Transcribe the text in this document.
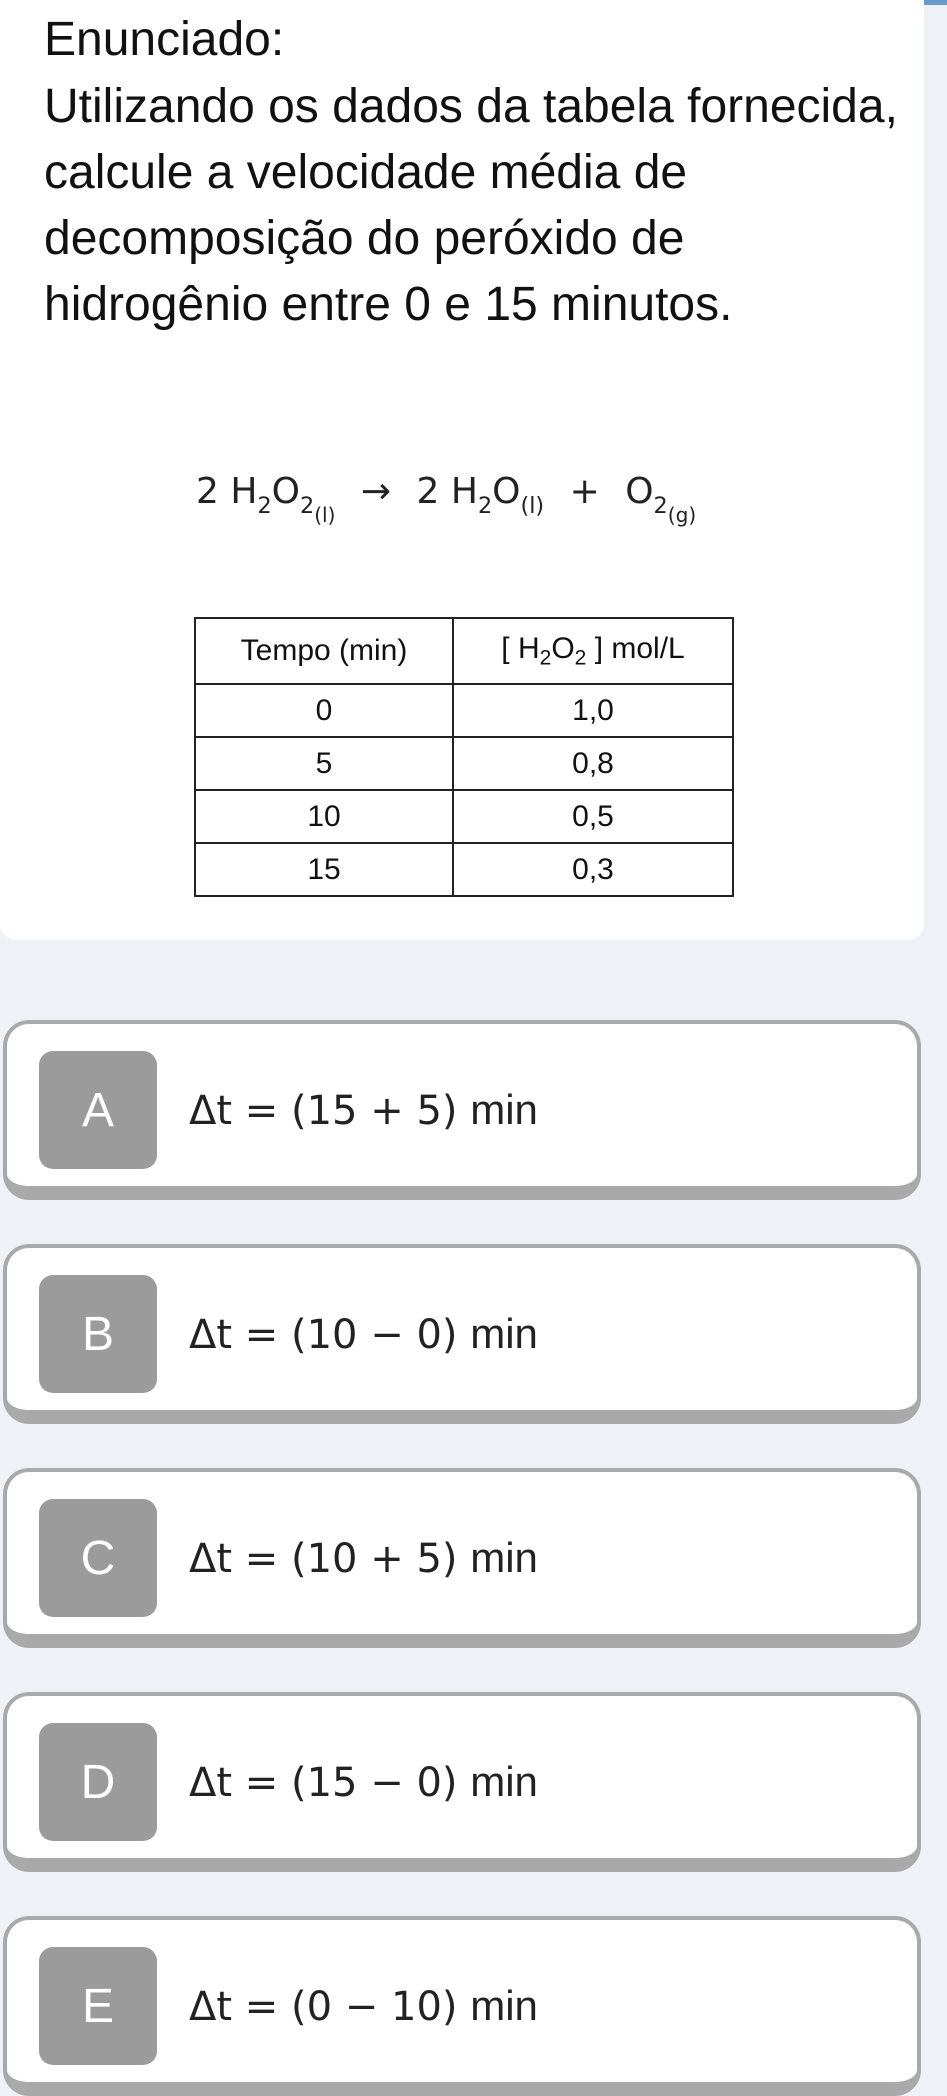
Enunciado:

Utilizando os dados da tabela fornecida, calcule a velocidade média de decomposição do peróxido de hidrogênio entre 0 e 15 minutos.

2 $H_2O_{2_{(l)}} \to 2$ $H_2O_{(l)} + O_{2_{(g)}}$
Tempo (min)	[ $H_2O_2$ ] mol/L
0	1,0
5	0,8
10	0,5
15	0,3
A	Δt = (15 + 5) min
B	Δt = (10 − 0) min
C	Δt = (10 + 5) min
D	Δt = (15 − 0) min
E	Δt = (0 − 10) min
